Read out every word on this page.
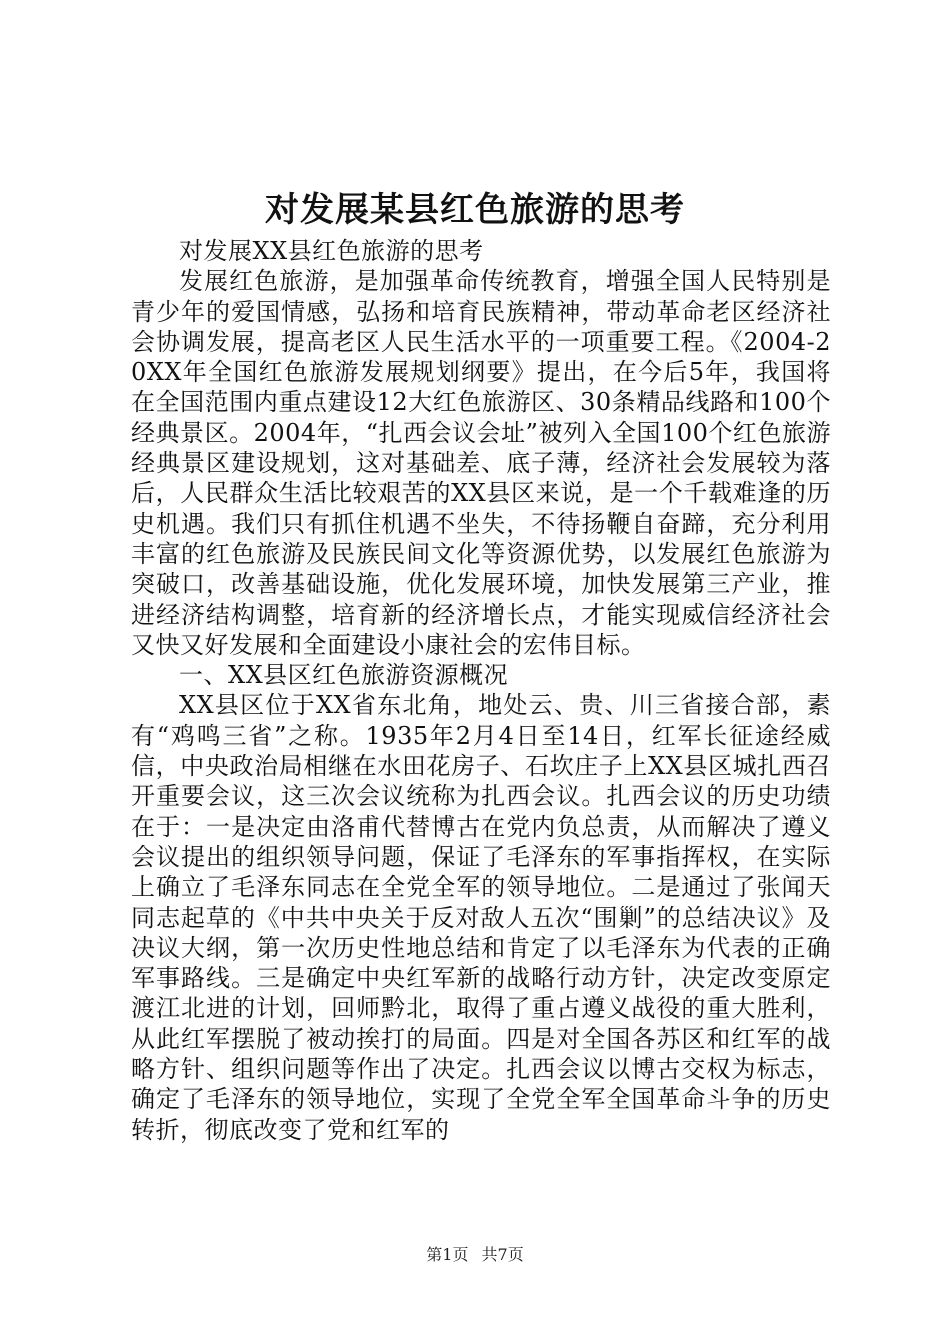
对发展某县红色旅游的思考

对发展XX县红色旅游的思考

发展红色旅游，是加强革命传统教育，增强全国人民特别是青少年的爱国情感，弘扬和培育民族精神，带动革命老区经济社会协调发展，提高老区人民生活水平的一项重要工程。《2004-20XX年全国红色旅游发展规划纲要》提出，在今后5年，我国将在全国范围内重点建设12大红色旅游区、30条精品线路和100个经典景区。2004年，“扎西会议会址”被列入全国100个红色旅游经典景区建设规划，这对基础差、底子薄，经济社会发展较为落后，人民群众生活比较艰苦的XX县区来说，是一个千载难逢的历史机遇。我们只有抓住机遇不坐失，不待扬鞭自奋蹄，充分利用丰富的红色旅游及民族民间文化等资源优势，以发展红色旅游为突破口，改善基础设施，优化发展环境，加快发展第三产业，推进经济结构调整，培育新的经济增长点，才能实现威信经济社会又快又好发展和全面建设小康社会的宏伟目标。

一、XX县区红色旅游资源概况

XX县区位于XX省东北角，地处云、贵、川三省接合部，素有“鸡鸣三省”之称。1935年2月4日至14日，红军长征途经威信，中央政治局相继在水田花房子、石坎庄子上XX县区城扎西召开重要会议，这三次会议统称为扎西会议。扎西会议的历史功绩在于：一是决定由洛甫代替博古在党内负总责，从而解决了遵义会议提出的组织领导问题，保证了毛泽东的军事指挥权，在实际上确立了毛泽东同志在全党全军的领导地位。二是通过了张闻天同志起草的《中共中央关于反对敌人五次“围剿”的总结决议》及决议大纲，第一次历史性地总结和肯定了以毛泽东为代表的正确军事路线。三是确定中央红军新的战略行动方针，决定改变原定渡江北进的计划，回师黔北，取得了重占遵义战役的重大胜利，从此红军摆脱了被动挨打的局面。四是对全国各苏区和红军的战略方针、组织问题等作出了决定。扎西会议以博古交权为标志，确定了毛泽东的领导地位，实现了全党全军全国革命斗争的历史转折，彻底改变了党和红军的

第1页 共7页
